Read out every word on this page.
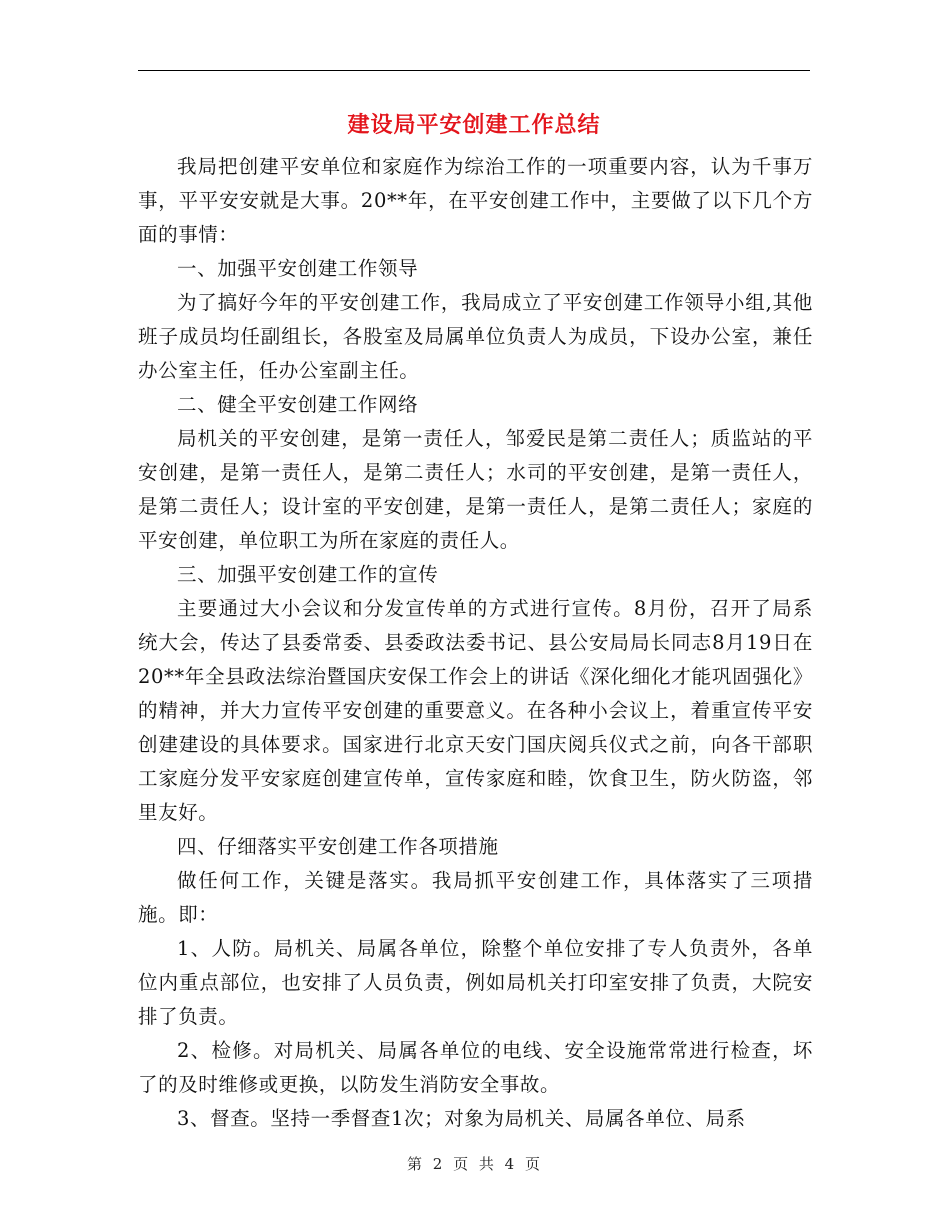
建设局平安创建工作总结

我局把创建平安单位和家庭作为综治工作的一项重要内容，认为千事万事，平平安安就是大事。20**年，在平安创建工作中，主要做了以下几个方面的事情：

一、加强平安创建工作领导

为了搞好今年的平安创建工作，我局成立了平安创建工作领导小组,其他班子成员均任副组长，各股室及局属单位负责人为成员，下设办公室，兼任办公室主任，任办公室副主任。

二、健全平安创建工作网络

局机关的平安创建，是第一责任人，邹爱民是第二责任人；质监站的平安创建，是第一责任人，是第二责任人；水司的平安创建，是第一责任人，是第二责任人；设计室的平安创建，是第一责任人，是第二责任人；家庭的平安创建，单位职工为所在家庭的责任人。

三、加强平安创建工作的宣传

主要通过大小会议和分发宣传单的方式进行宣传。8月份，召开了局系统大会，传达了县委常委、县委政法委书记、县公安局局长同志8月19日在20**年全县政法综治暨国庆安保工作会上的讲话《深化细化才能巩固强化》的精神，并大力宣传平安创建的重要意义。在各种小会议上，着重宣传平安创建建设的具体要求。国家进行北京天安门国庆阅兵仪式之前，向各干部职工家庭分发平安家庭创建宣传单，宣传家庭和睦，饮食卫生，防火防盗，邻里友好。

四、仔细落实平安创建工作各项措施

做任何工作，关键是落实。我局抓平安创建工作，具体落实了三项措施。即：

1、人防。局机关、局属各单位，除整个单位安排了专人负责外，各单位内重点部位，也安排了人员负责，例如局机关打印室安排了负责，大院安排了负责。

2、检修。对局机关、局属各单位的电线、安全设施常常进行检查，坏了的及时维修或更换，以防发生消防安全事故。

3、督查。坚持一季督查1次；对象为局机关、局属各单位、局系

第 2 页 共 4 页
